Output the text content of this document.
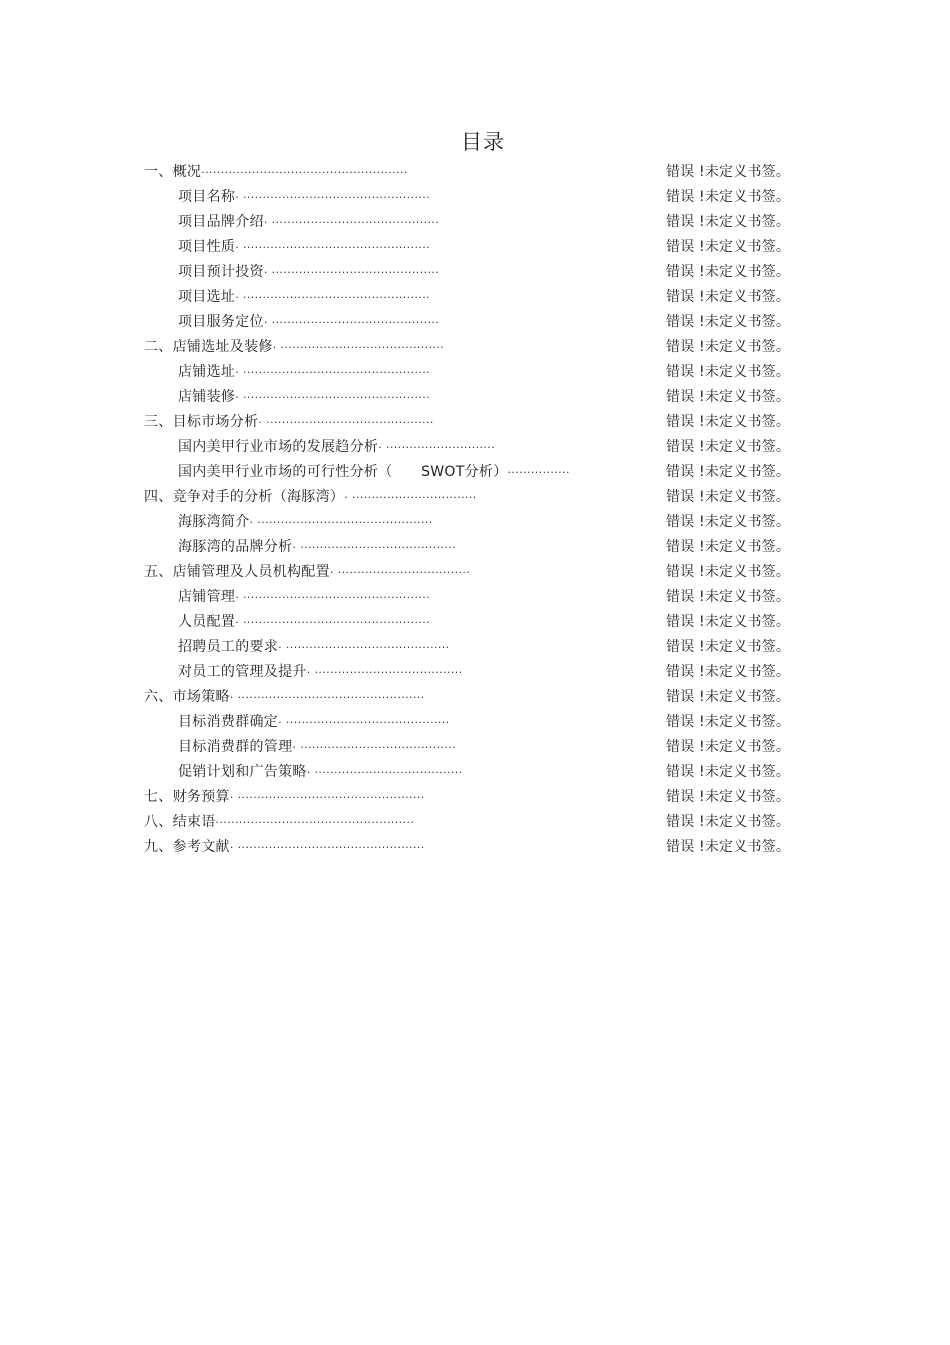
目录
一、概况 .....................................................	错误 !未定义书签。
项目名称 . ................................................	错误 !未定义书签。
项目品牌介绍 . ...........................................	错误 !未定义书签。
项目性质 . ................................................	错误 !未定义书签。
项目预计投资 . ...........................................	错误 !未定义书签。
项目选址 . ................................................	错误 !未定义书签。
项目服务定位 . ...........................................	错误 !未定义书签。
二、店铺选址及装修 . ..........................................	错误 !未定义书签。
店铺选址 . ................................................	错误 !未定义书签。
店铺装修 . ................................................	错误 !未定义书签。
三、目标市场分析 . ...........................................	错误 !未定义书签。
国内美甲行业市场的发展趋分析 . ............................	错误 !未定义书签。
国内美甲行业市场的可行性分析（　　SWOT分析） ................	错误 !未定义书签。
四、竞争对手的分析（海豚湾） . ................................	错误 !未定义书签。
海豚湾简介 . .............................................	错误 !未定义书签。
海豚湾的品牌分析 . ........................................	错误 !未定义书签。
五、店铺管理及人员机构配置 . ..................................	错误 !未定义书签。
店铺管理 . ................................................	错误 !未定义书签。
人员配置 . ................................................	错误 !未定义书签。
招聘员工的要求 . ..........................................	错误 !未定义书签。
对员工的管理及提升 . ......................................	错误 !未定义书签。
六、市场策略 . ................................................	错误 !未定义书签。
目标消费群确定 . ..........................................	错误 !未定义书签。
目标消费群的管理 . ........................................	错误 !未定义书签。
促销计划和广告策略 . ......................................	错误 !未定义书签。
七、财务预算 . ................................................	错误 !未定义书签。
八、结束语 ...................................................	错误 !未定义书签。
九、参考文献 . ................................................	错误 !未定义书签。
